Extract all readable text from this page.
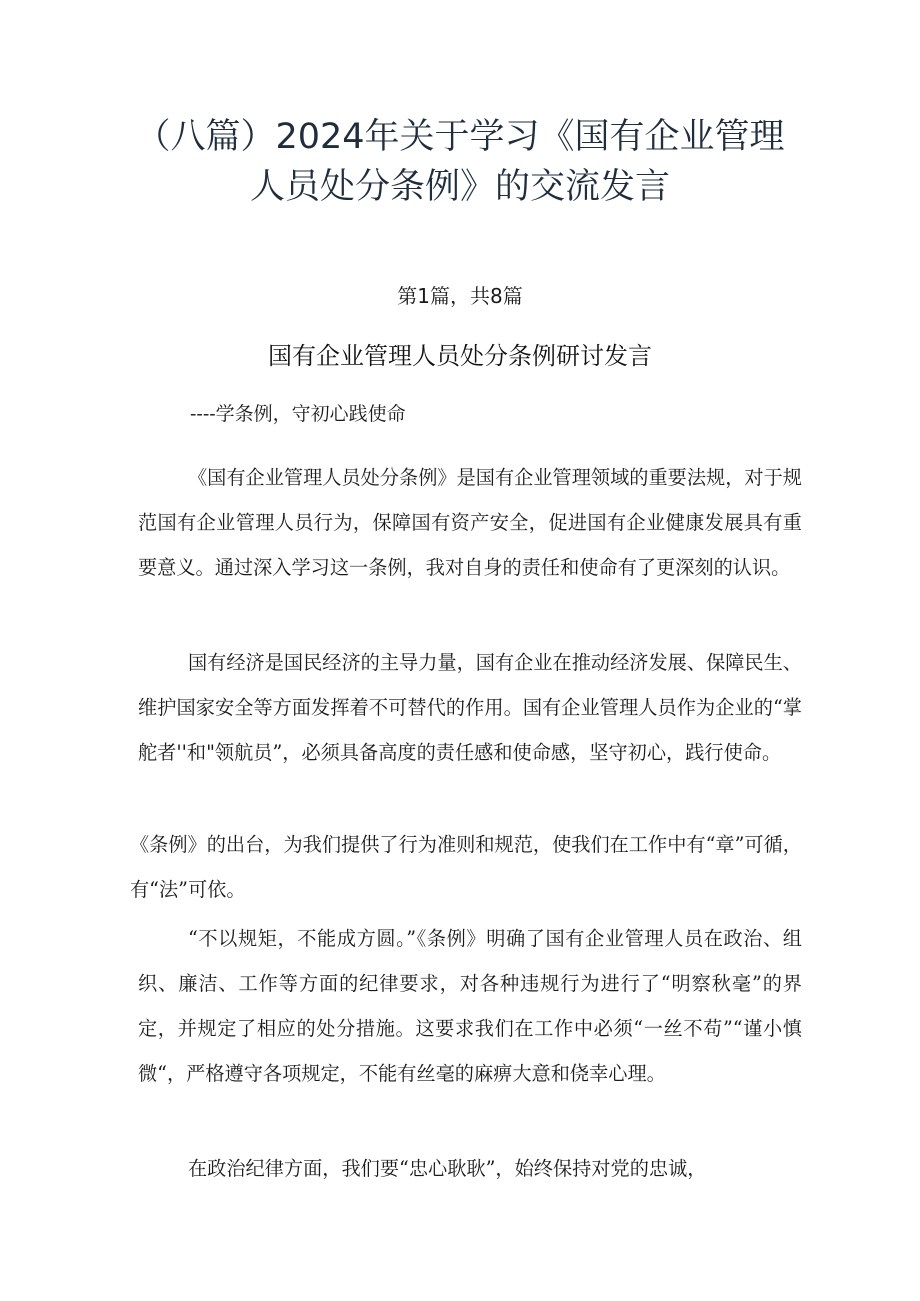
（八篇）2024年关于学习《国有企业管理
人员处分条例》的交流发言
第1篇，共8篇
国有企业管理人员处分条例研讨发言
----学条例，守初心践使命

《国有企业管理人员处分条例》是国有企业管理领域的重要法规，对于规范国有企业管理人员行为，保障国有资产安全，促进国有企业健康发展具有重要意义。通过深入学习这一条例，我对自身的责任和使命有了更深刻的认识。

国有经济是国民经济的主导力量，国有企业在推动经济发展、保障民生、维护国家安全等方面发挥着不可替代的作用。国有企业管理人员作为企业的“掌舵者''和"领航员”，必须具备高度的责任感和使命感，坚守初心，践行使命。

《条例》的出台，为我们提供了行为准则和规范，使我们在工作中有“章”可循，有“法”可依。

“不以规矩，不能成方圆。”《条例》明确了国有企业管理人员在政治、组织、廉洁、工作等方面的纪律要求，对各种违规行为进行了“明察秋毫”的界定，并规定了相应的处分措施。这要求我们在工作中必须“一丝不苟”“谨小慎微“，严格遵守各项规定，不能有丝毫的麻痹大意和侥幸心理。

在政治纪律方面，我们要“忠心耿耿”，始终保持对党的忠诚，
